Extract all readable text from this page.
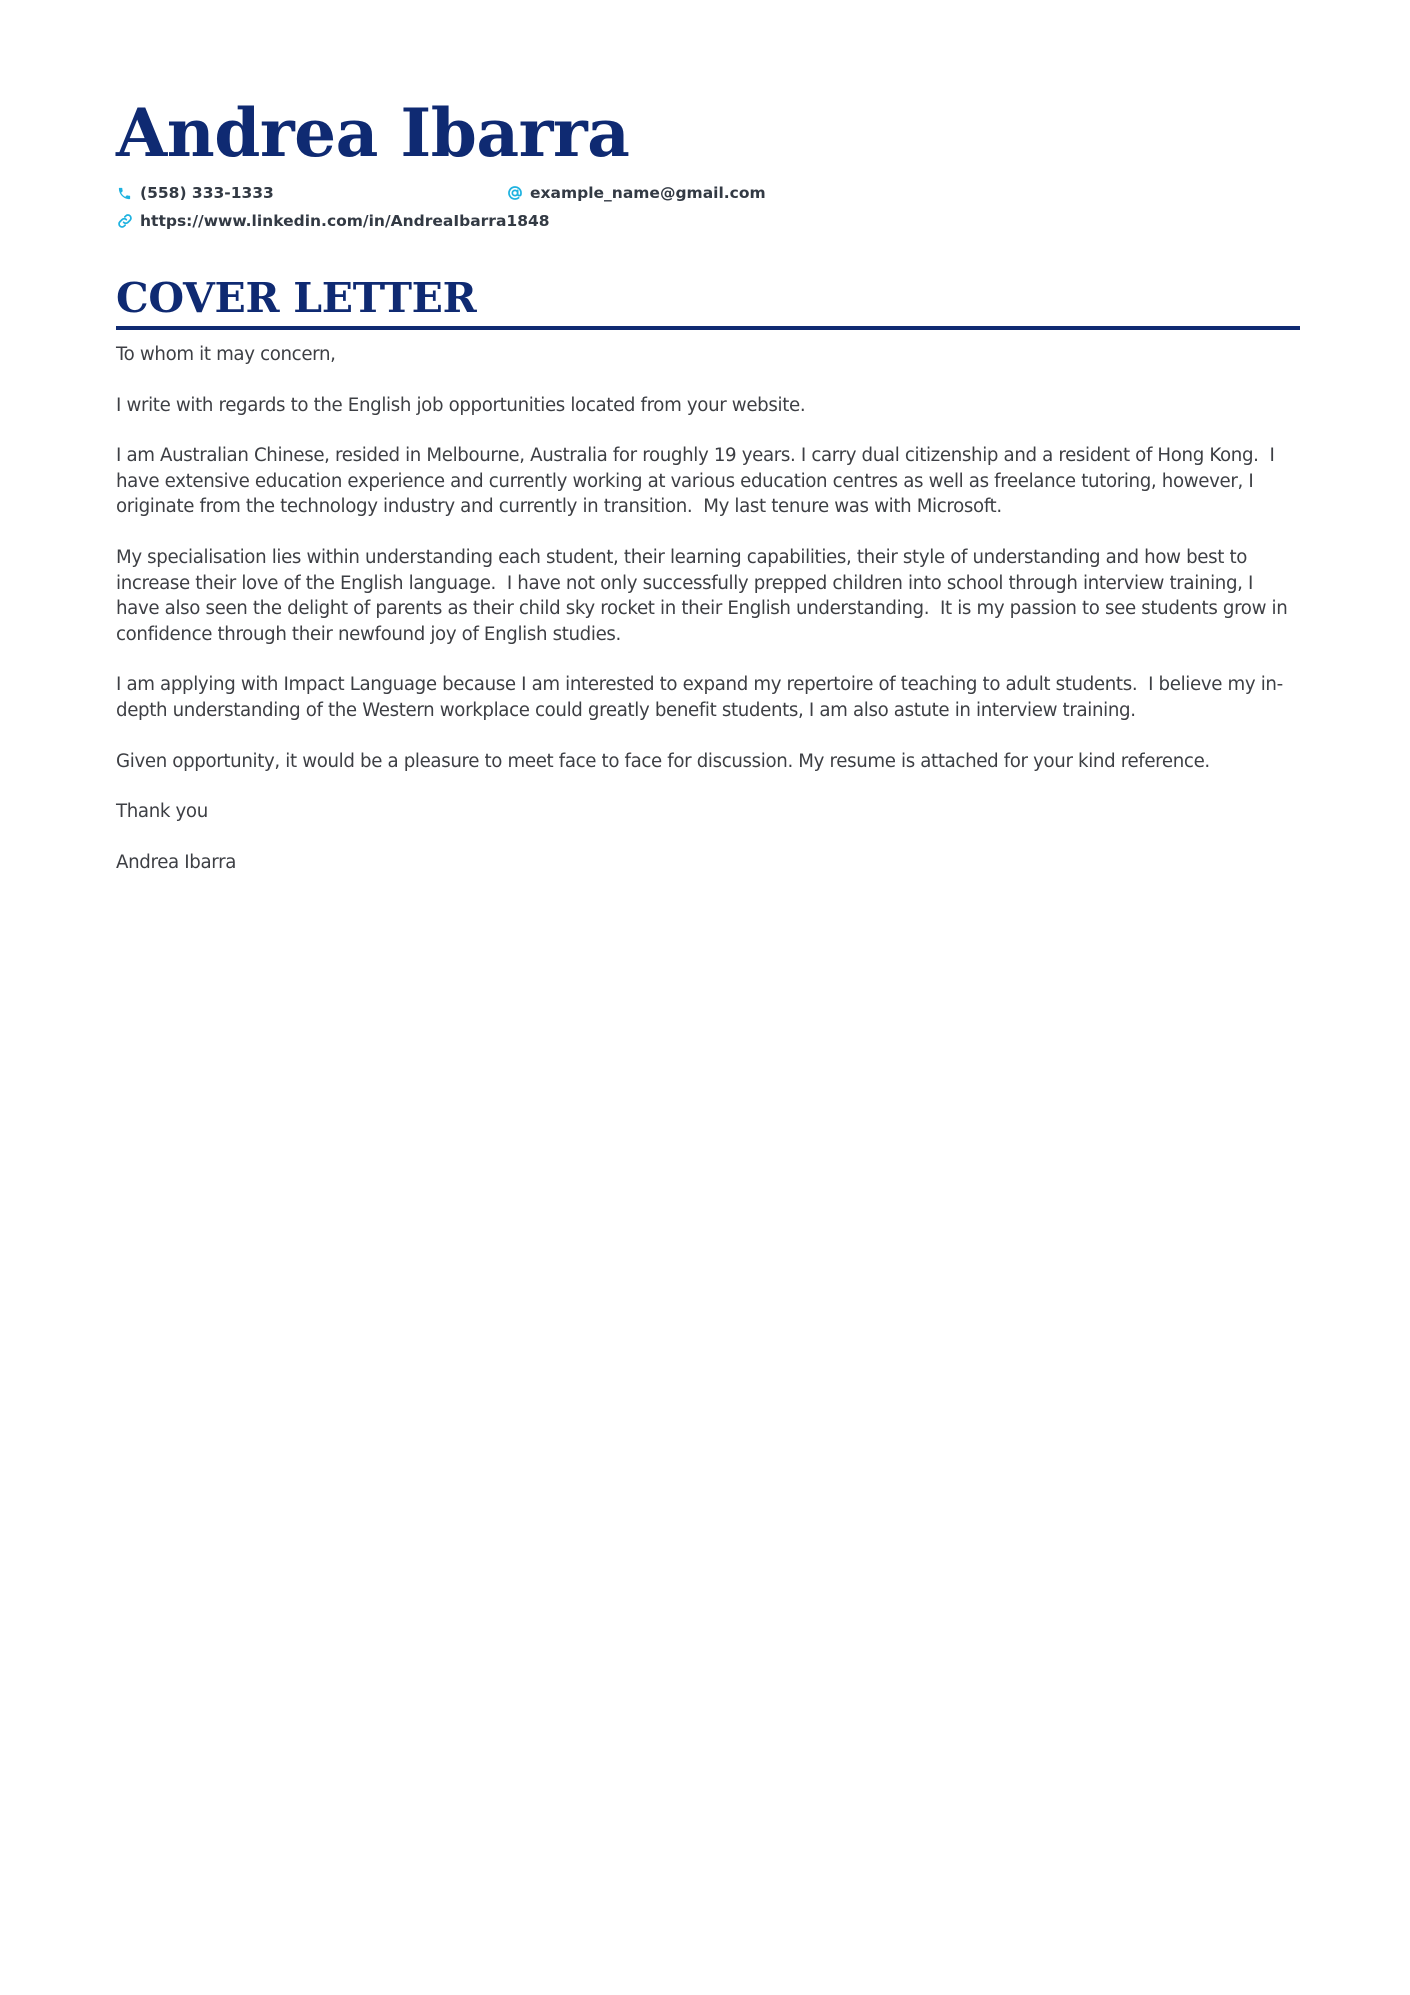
Andrea Ibarra
(558) 333-1333	example_name@gmail.com
https://www.linkedin.com/in/AndreaIbarra1848
COVER LETTER

To whom it may concern,

I write with regards to the English job opportunities located from your website.

I am Australian Chinese, resided in Melbourne, Australia for roughly 19 years. I carry dual citizenship and a resident of Hong Kong.  I have extensive education experience and currently working at various education centres as well as freelance tutoring, however, I originate from the technology industry and currently in transition.  My last tenure was with Microsoft.

My specialisation lies within understanding each student, their learning capabilities, their style of understanding and how best to increase their love of the English language.  I have not only successfully prepped children into school through interview training, I have also seen the delight of parents as their child sky rocket in their English understanding.  It is my passion to see students grow in confidence through their newfound joy of English studies.

I am applying with Impact Language because I am interested to expand my repertoire of teaching to adult students.  I believe my in-depth understanding of the Western workplace could greatly benefit students, I am also astute in interview training.

Given opportunity, it would be a pleasure to meet face to face for discussion. My resume is attached for your kind reference.

Thank you

Andrea Ibarra
